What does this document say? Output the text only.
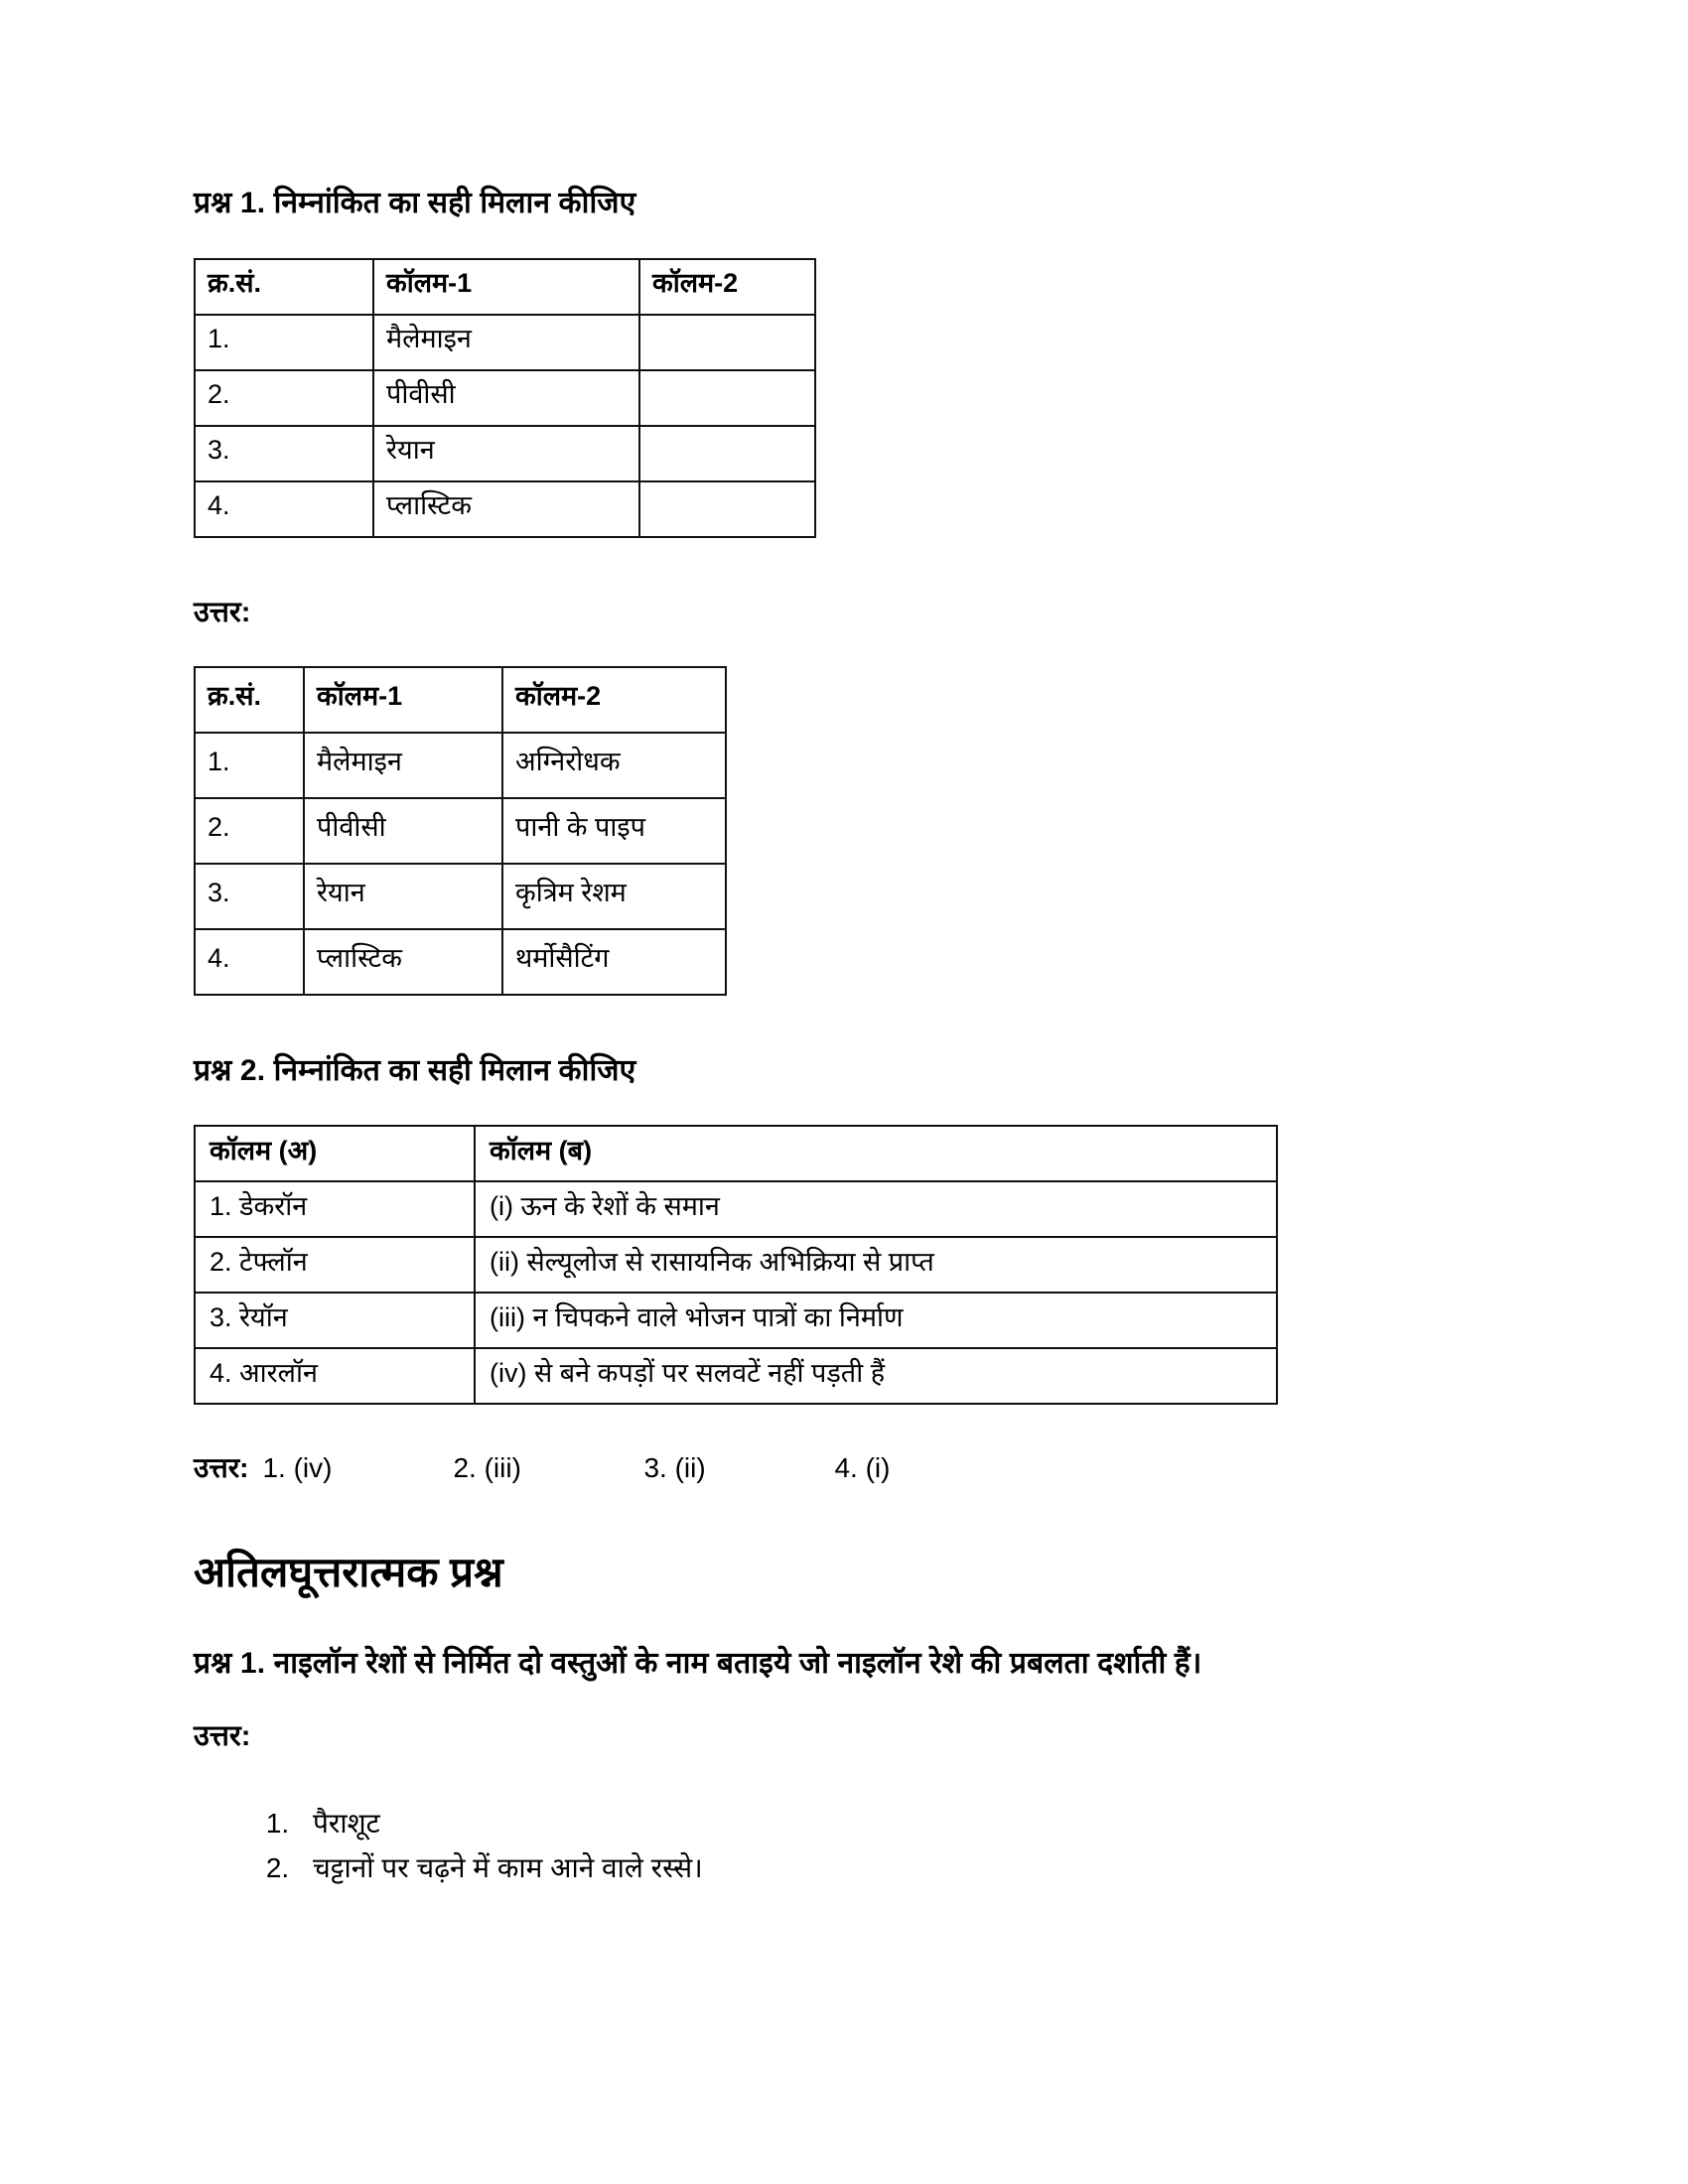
प्रश्न 1. निम्नांकित का सही मिलान कीजिए

क्र.सं.	कॉलम-1	कॉलम-2
1.	मैलेमाइन	
2.	पीवीसी	
3.	रेयान	
4.	प्लास्टिक	

उत्तर:

क्र.सं.	कॉलम-1	कॉलम-2
1.	मैलेमाइन	अग्निरोधक
2.	पीवीसी	पानी के पाइप
3.	रेयान	कृत्रिम रेशम
4.	प्लास्टिक	थर्मोसैटिंग

प्रश्न 2. निम्नांकित का सही मिलान कीजिए

कॉलम (अ)	कॉलम (ब)
1. डेकरॉन	(i) ऊन के रेशों के समान
2. टेफ्लॉन	(ii) सेल्यूलोज से रासायनिक अभिक्रिया से प्राप्त
3. रेयॉन	(iii) न चिपकने वाले भोजन पात्रों का निर्माण
4. आरलॉन	(iv) से बने कपड़ों पर सलवटें नहीं पड़ती हैं
उत्तर: 1. (iv)	2. (iii)	3. (ii)	4. (i)
अतिलघूत्तरात्मक प्रश्न

प्रश्न 1. नाइलॉन रेशों से निर्मित दो वस्तुओं के नाम बताइये जो नाइलॉन रेशे की प्रबलता दर्शाती हैं।

उत्तर:

1. पैराशूट
2. चट्टानों पर चढ़ने में काम आने वाले रस्से।
